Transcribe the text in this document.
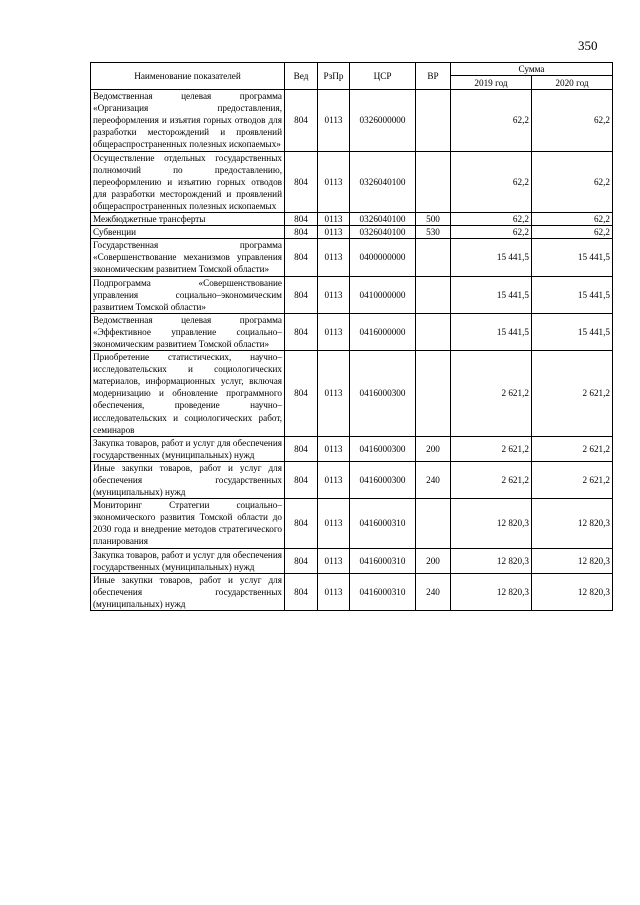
350
Наименование показателей	Вед	РзПр	ЦСР	ВР	Сумма	
					2019 год	2020 год
Ведомственная целевая программа «Организация предоставления, переоформления и изъятия горных отводов для разработки месторождений и проявлений общераспространенных полезных ископаемых»	804	0113	0326000000		62,2	62,2
Осуществление отдельных государственных полномочий по предоставлению, переоформлению и изъятию горных отводов для разработки месторождений и проявлений общераспространенных полезных ископаемых	804	0113	0326040100		62,2	62,2
Межбюджетные трансферты	804	0113	0326040100	500	62,2	62,2
Субвенции	804	0113	0326040100	530	62,2	62,2
Государственная программа «Совершенствование механизмов управления экономическим развитием Томской области»	804	0113	0400000000		15 441,5	15 441,5
Подпрограмма «Совершенствование управления социально–экономическим развитием Томской области»	804	0113	0410000000		15 441,5	15 441,5
Ведомственная целевая программа «Эффективное управление социально–экономическим развитием Томской области»	804	0113	0416000000		15 441,5	15 441,5
Приобретение статистических, научно–исследовательских и социологических материалов, информационных услуг, включая модернизацию и обновление программного обеспечения, проведение научно–исследовательских и социологических работ, семинаров	804	0113	0416000300		2 621,2	2 621,2
Закупка товаров, работ и услуг для обеспечения государственных (муниципальных) нужд	804	0113	0416000300	200	2 621,2	2 621,2
Иные закупки товаров, работ и услуг для обеспечения государственных (муниципальных) нужд	804	0113	0416000300	240	2 621,2	2 621,2
Мониторинг Стратегии социально–экономического развития Томской области до 2030 года и внедрение методов стратегического планирования	804	0113	0416000310		12 820,3	12 820,3
Закупка товаров, работ и услуг для обеспечения государственных (муниципальных) нужд	804	0113	0416000310	200	12 820,3	12 820,3
Иные закупки товаров, работ и услуг для обеспечения государственных (муниципальных) нужд	804	0113	0416000310	240	12 820,3	12 820,3
